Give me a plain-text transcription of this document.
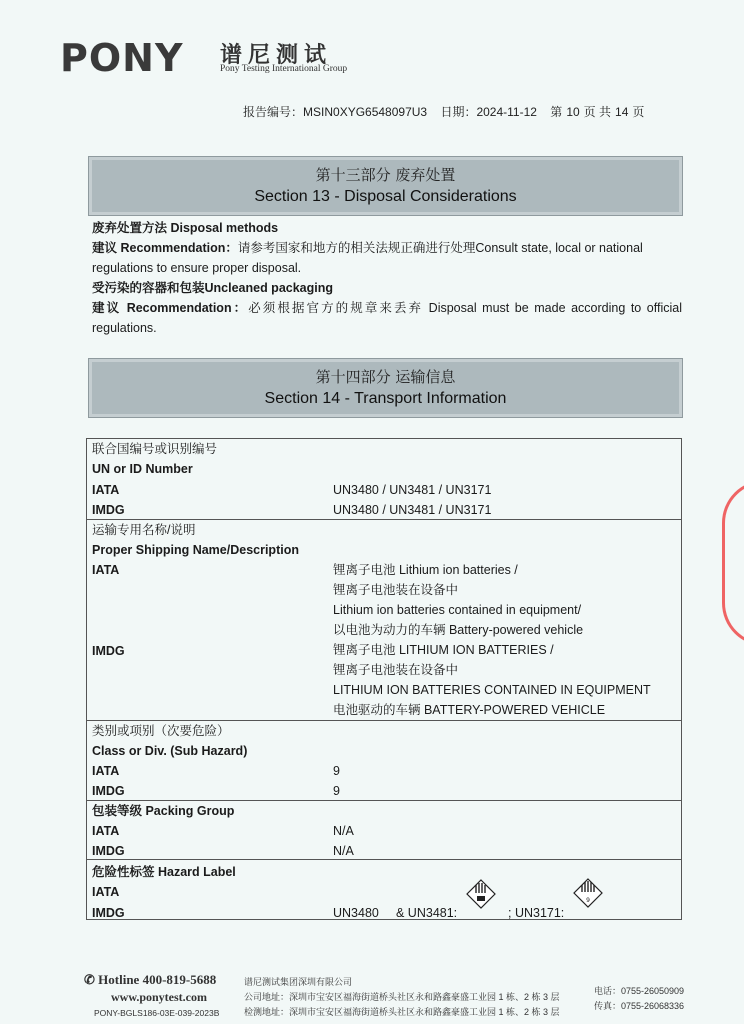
PONY 谱尼测试
Pony Testing International Group
报告编号：MSIN0XYG6548097U3 日期：2024-11-12 第 10 页 共 14 页
第十三部分 废弃处置
Section 13 - Disposal Considerations
废弃处置方法 Disposal methods
建议 Recommendation：请参考国家和地方的相关法规正确进行处理Consult state, local or national regulations to ensure proper disposal.
受污染的容器和包装Uncleaned packaging
建议 Recommendation：必须根据官方的规章来丢弃 Disposal must be made according to official regulations.
第十四部分 运输信息
Section 14 - Transport Information
联合国编号或识别编号
UN or ID Number
IATA	UN3480 / UN3481 / UN3171
IMDG	UN3480 / UN3481 / UN3171
运输专用名称/说明
Proper Shipping Name/Description
IATA	锂离子电池 Lithium ion batteries /
锂离子电池装在设备中
Lithium ion batteries contained in equipment/
以电池为动力的车辆 Battery-powered vehicle
IMDG	锂离子电池 LITHIUM ION BATTERIES /
锂离子电池装在设备中
LITHIUM ION BATTERIES CONTAINED IN EQUIPMENT
电池驱动的车辆 BATTERY-POWERED VEHICLE
类别或项别（次要危险）
Class or Div. (Sub Hazard)
IATA	9
IMDG	9
包装等级 Packing Group
IATA	N/A
IMDG	N/A
危险性标签 Hazard Label
IATA
IMDG	UN3480 & UN3481:	; UN3171:
9
✆ Hotline 400-819-5688
www.ponytest.com
PONY-BGLS186-03E-039-2023B
谱尼测试集团深圳有限公司
公司地址：深圳市宝安区福海街道桥头社区永和路鑫豪盛工业园 1 栋、2 栋 3 层
检测地址：深圳市宝安区福海街道桥头社区永和路鑫豪盛工业园 1 栋、2 栋 3 层
电话：0755-26050909
传真：0755-26068336
